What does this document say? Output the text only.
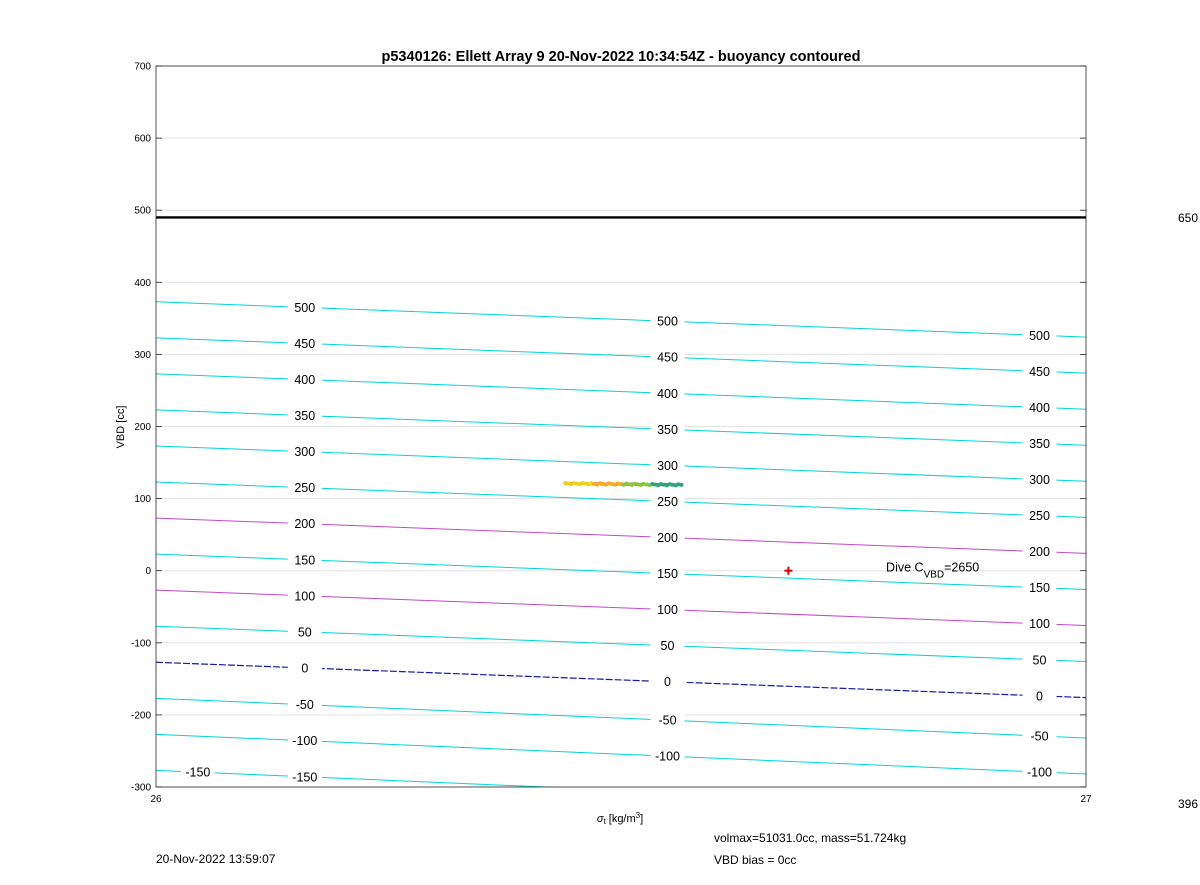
-150
-100
-100
-100
-50
-50
-50
0
0
0
50
50
50
100
100
100
150
150
150
200
200
200
250
250
250
300
300
300
350
350
350
400
400
400
450
450
450
500
500
500
-150
700
600
500
400
300
200
100
0
-100
-200
-300
26	27
p5340126: Ellett Array 9 20-Nov-2022 10:34:54Z - buoyancy contoured
VBD [cc]
σt $[kg/m^3]$
Dive $C_{VBD}=2650$
650
396
20-Nov-2022 13:59:07
volmax=51031.0cc, mass=51.724kg
VBD bias = 0cc
